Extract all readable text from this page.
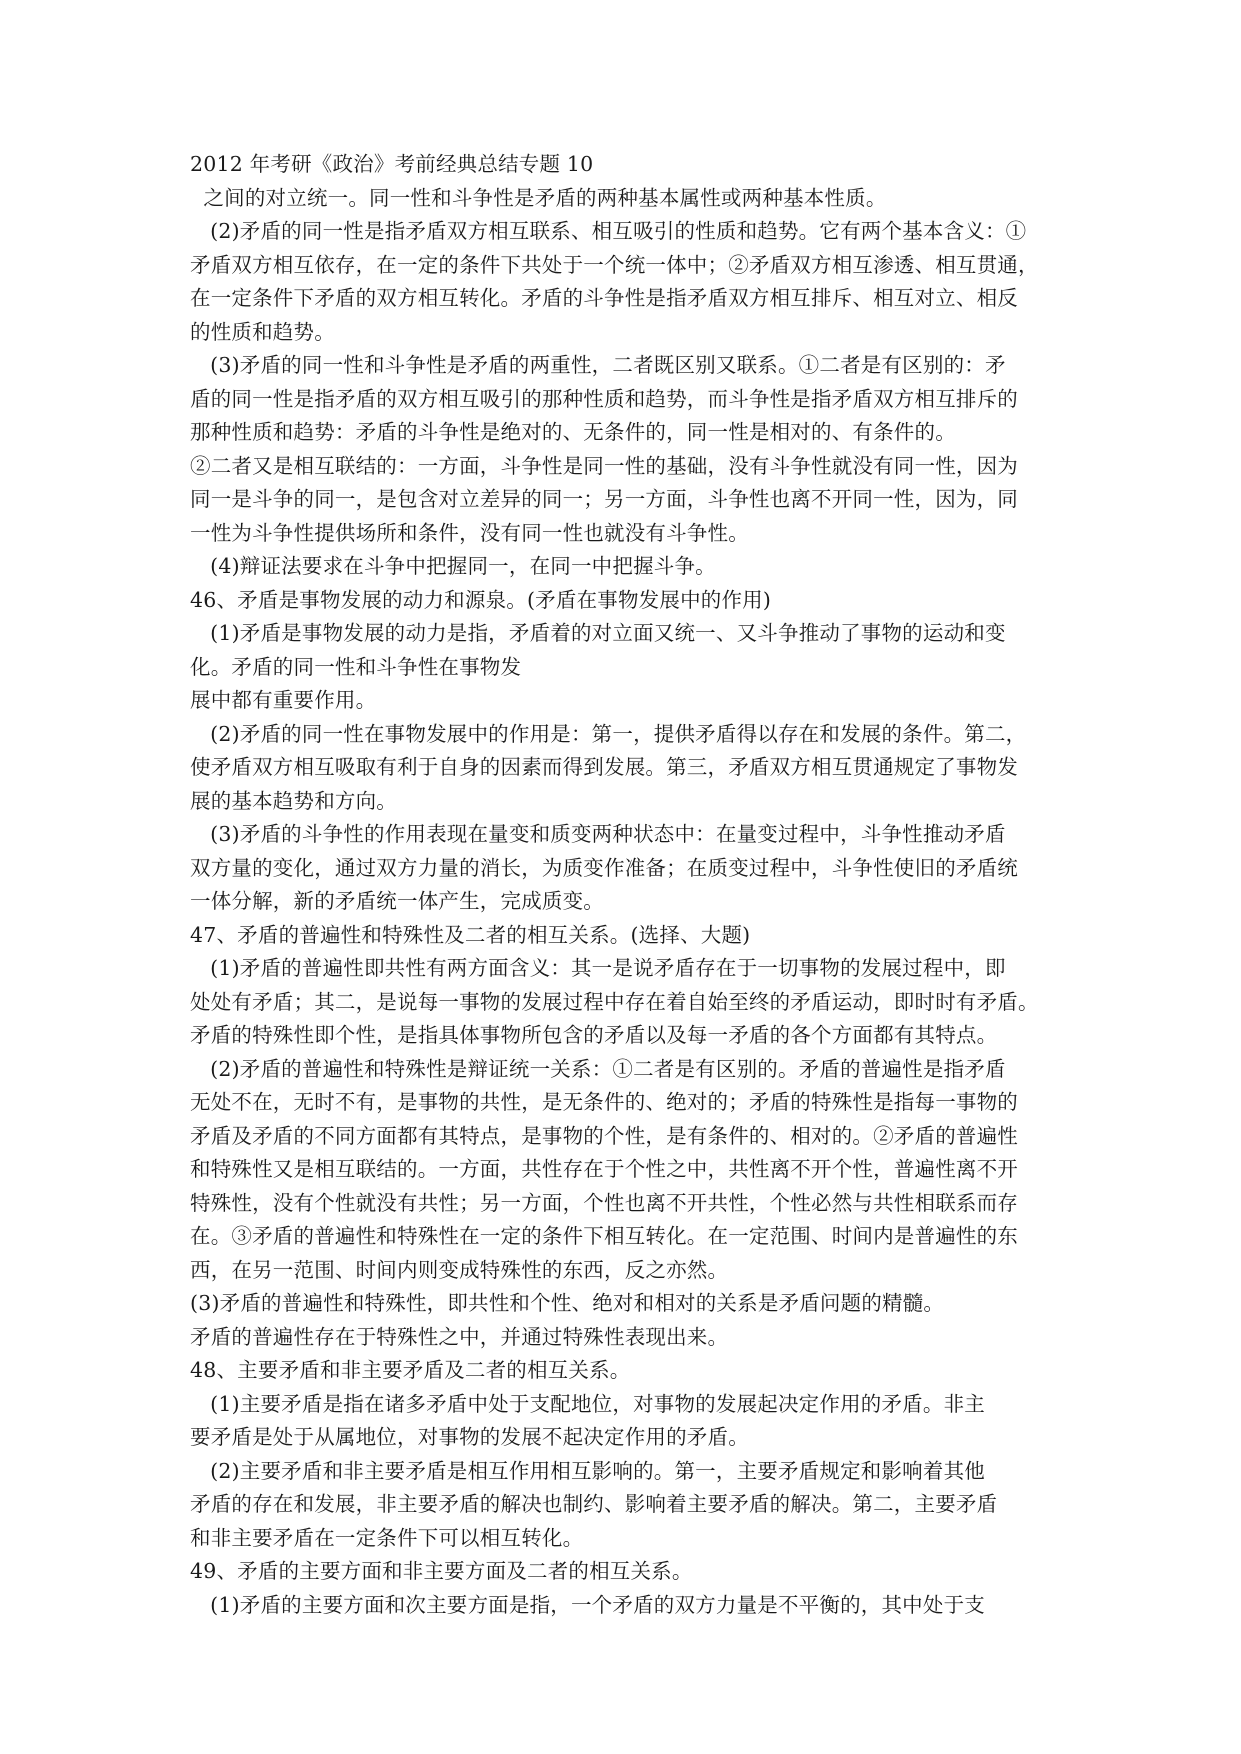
2012 年考研《政治》考前经典总结专题 10
之间的对立统一。同一性和斗争性是矛盾的两种基本属性或两种基本性质。
(2)矛盾的同一性是指矛盾双方相互联系、相互吸引的性质和趋势。它有两个基本含义：①
矛盾双方相互依存，在一定的条件下共处于一个统一体中；②矛盾双方相互渗透、相互贯通，
在一定条件下矛盾的双方相互转化。矛盾的斗争性是指矛盾双方相互排斥、相互对立、相反
的性质和趋势。
(3)矛盾的同一性和斗争性是矛盾的两重性，二者既区别又联系。①二者是有区别的：矛
盾的同一性是指矛盾的双方相互吸引的那种性质和趋势，而斗争性是指矛盾双方相互排斥的
那种性质和趋势：矛盾的斗争性是绝对的、无条件的，同一性是相对的、有条件的。
②二者又是相互联结的：一方面，斗争性是同一性的基础，没有斗争性就没有同一性，因为
同一是斗争的同一，是包含对立差异的同一；另一方面，斗争性也离不开同一性，因为，同
一性为斗争性提供场所和条件，没有同一性也就没有斗争性。
(4)辩证法要求在斗争中把握同一，在同一中把握斗争。
46、矛盾是事物发展的动力和源泉。(矛盾在事物发展中的作用)
(1)矛盾是事物发展的动力是指，矛盾着的对立面又统一、又斗争推动了事物的运动和变
化。矛盾的同一性和斗争性在事物发
展中都有重要作用。
(2)矛盾的同一性在事物发展中的作用是：第一，提供矛盾得以存在和发展的条件。第二，
使矛盾双方相互吸取有利于自身的因素而得到发展。第三，矛盾双方相互贯通规定了事物发
展的基本趋势和方向。
(3)矛盾的斗争性的作用表现在量变和质变两种状态中：在量变过程中，斗争性推动矛盾
双方量的变化，通过双方力量的消长，为质变作准备；在质变过程中，斗争性使旧的矛盾统
一体分解，新的矛盾统一体产生，完成质变。
47、矛盾的普遍性和特殊性及二者的相互关系。(选择、大题)
(1)矛盾的普遍性即共性有两方面含义：其一是说矛盾存在于一切事物的发展过程中，即
处处有矛盾；其二，是说每一事物的发展过程中存在着自始至终的矛盾运动，即时时有矛盾。
矛盾的特殊性即个性，是指具体事物所包含的矛盾以及每一矛盾的各个方面都有其特点。
(2)矛盾的普遍性和特殊性是辩证统一关系：①二者是有区别的。矛盾的普遍性是指矛盾
无处不在，无时不有，是事物的共性，是无条件的、绝对的；矛盾的特殊性是指每一事物的
矛盾及矛盾的不同方面都有其特点，是事物的个性，是有条件的、相对的。②矛盾的普遍性
和特殊性又是相互联结的。一方面，共性存在于个性之中，共性离不开个性，普遍性离不开
特殊性，没有个性就没有共性；另一方面，个性也离不开共性，个性必然与共性相联系而存
在。③矛盾的普遍性和特殊性在一定的条件下相互转化。在一定范围、时间内是普遍性的东
西，在另一范围、时间内则变成特殊性的东西，反之亦然。
(3)矛盾的普遍性和特殊性，即共性和个性、绝对和相对的关系是矛盾问题的精髓。
矛盾的普遍性存在于特殊性之中，并通过特殊性表现出来。
48、主要矛盾和非主要矛盾及二者的相互关系。
(1)主要矛盾是指在诸多矛盾中处于支配地位，对事物的发展起决定作用的矛盾。非主
要矛盾是处于从属地位，对事物的发展不起决定作用的矛盾。
(2)主要矛盾和非主要矛盾是相互作用相互影响的。第一，主要矛盾规定和影响着其他
矛盾的存在和发展，非主要矛盾的解决也制约、影响着主要矛盾的解决。第二，主要矛盾
和非主要矛盾在一定条件下可以相互转化。
49、矛盾的主要方面和非主要方面及二者的相互关系。
(1)矛盾的主要方面和次主要方面是指，一个矛盾的双方力量是不平衡的，其中处于支
